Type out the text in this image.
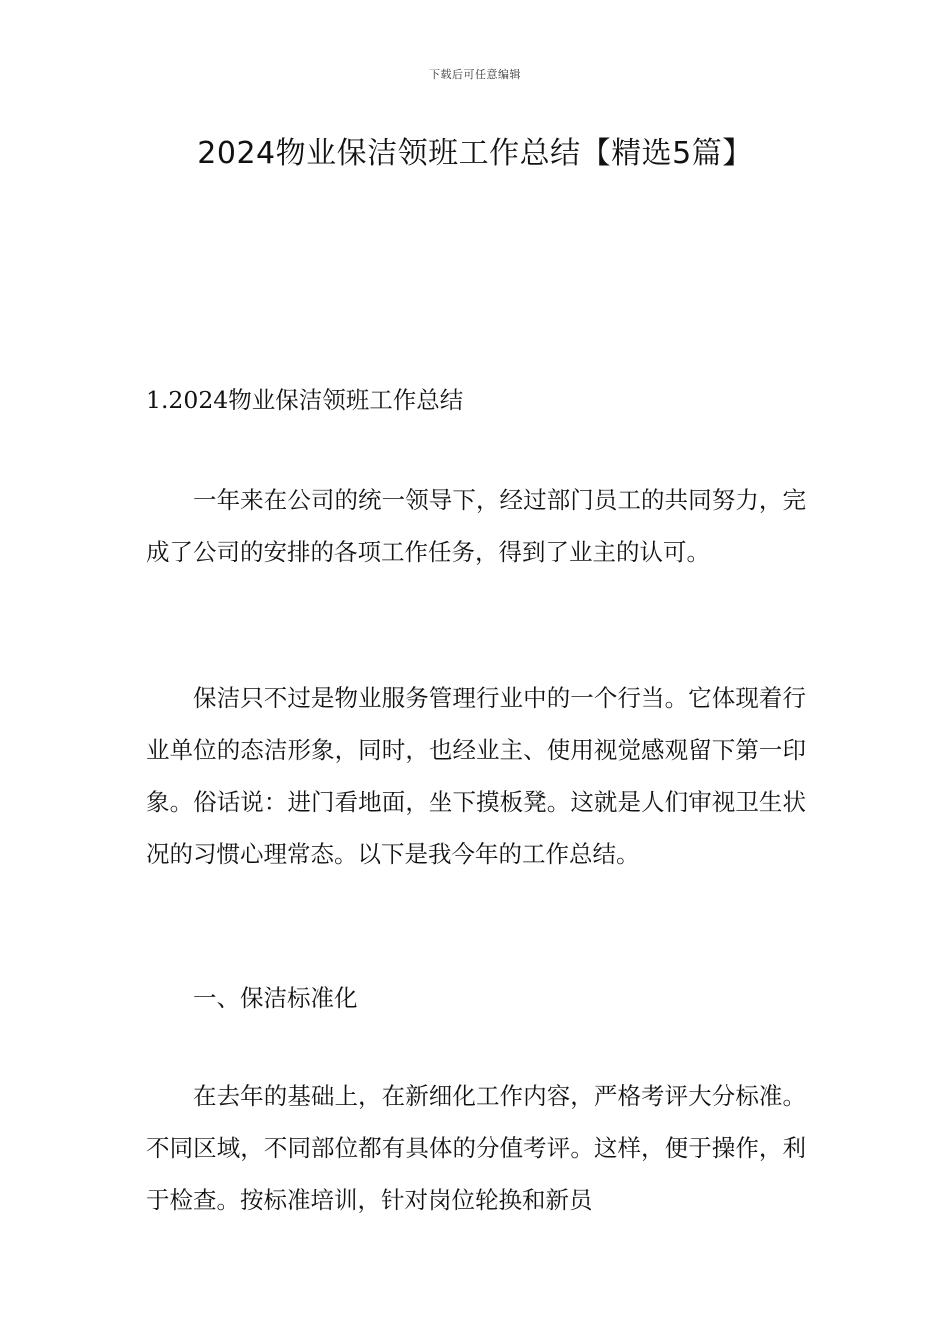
下载后可任意编辑
2024物业保洁领班工作总结【精选5篇】
1.2024物业保洁领班工作总结

一年来在公司的统一领导下，经过部门员工的共同努力，完成了公司的安排的各项工作任务，得到了业主的认可。

保洁只不过是物业服务管理行业中的一个行当。它体现着行业单位的态洁形象，同时，也经业主、使用视觉感观留下第一印象。俗话说：进门看地面，坐下摸板凳。这就是人们审视卫生状况的习惯心理常态。以下是我今年的工作总结。

一、保洁标准化

在去年的基础上，在新细化工作内容，严格考评大分标准。不同区域，不同部位都有具体的分值考评。这样，便于操作，利于检查。按标准培训，针对岗位轮换和新员
